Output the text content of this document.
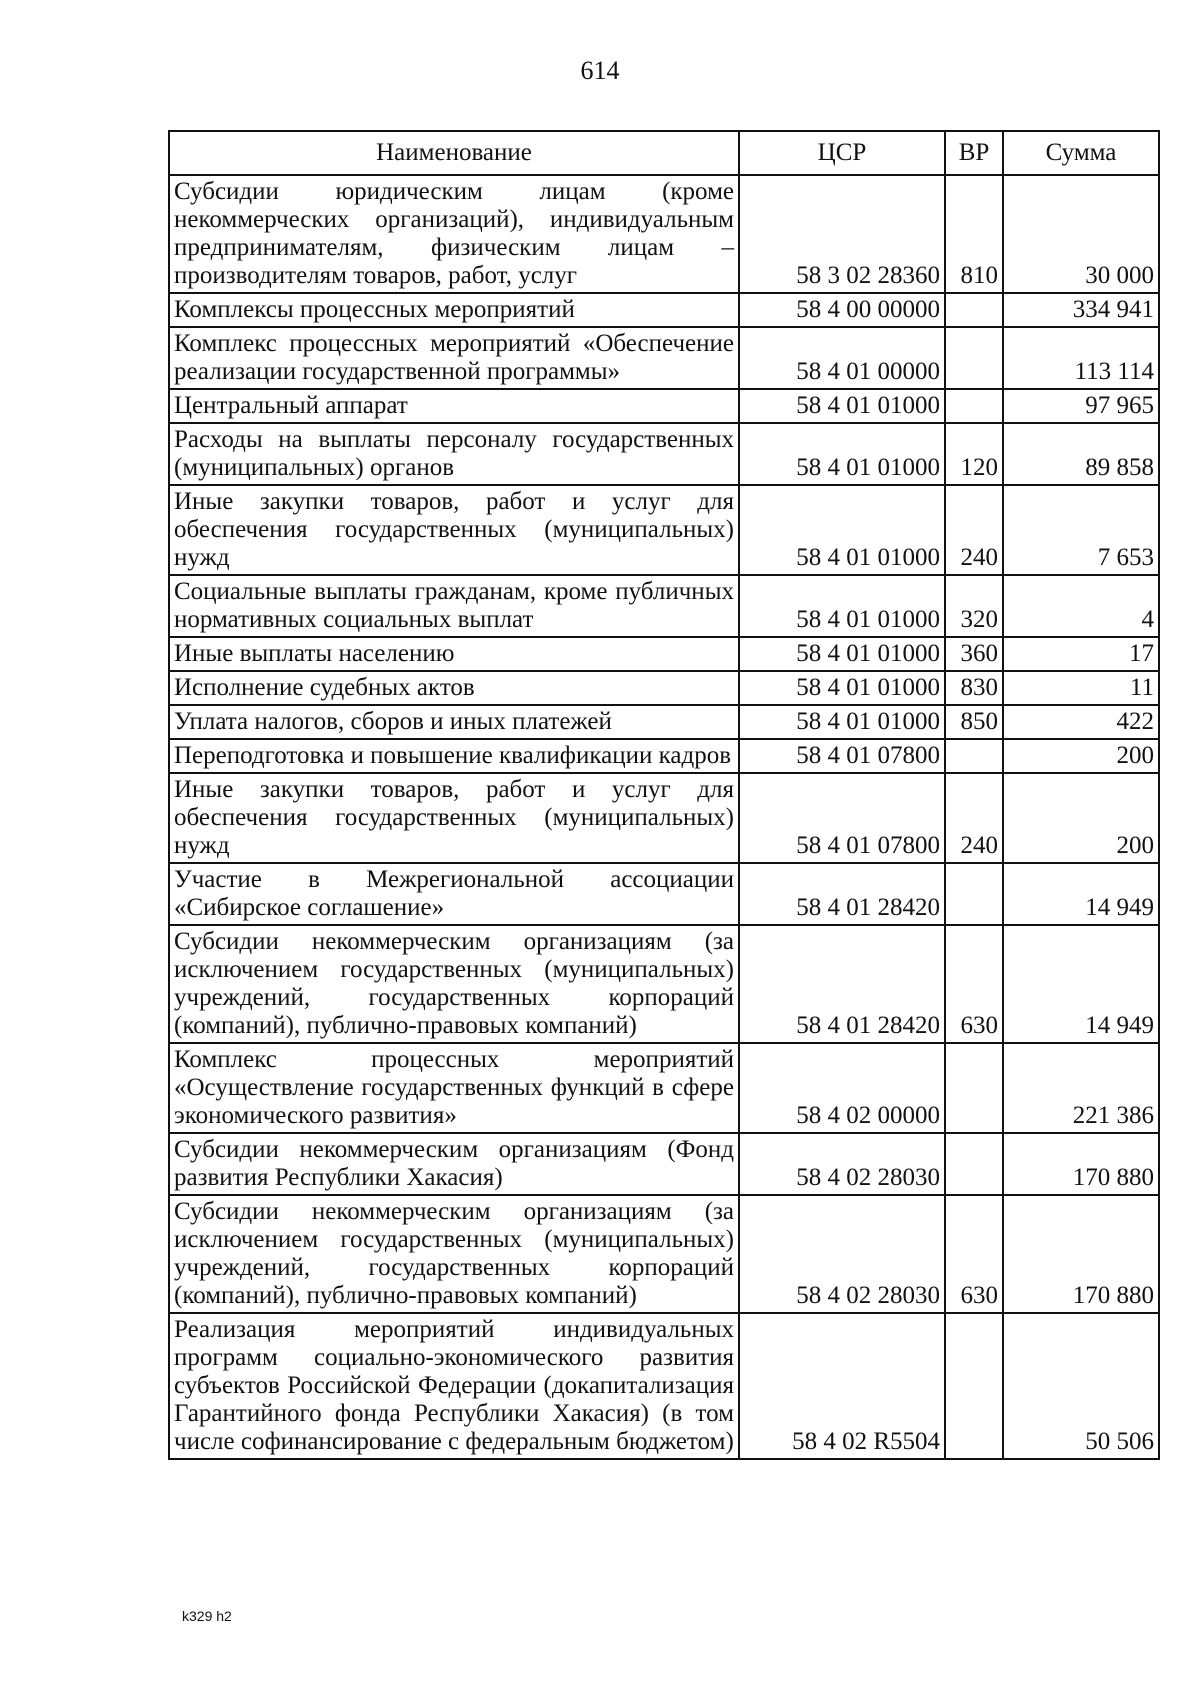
614
Наименование	ЦСР	ВР	Сумма
Субсидии юридическим лицам (кроме некоммерческих организаций), индивидуальным предпринимателям, физическим лицам – производителям товаров, работ, услуг	58 3 02 28360	810	30 000
Комплексы процессных мероприятий	58 4 00 00000		334 941
Комплекс процессных мероприятий «Обеспечение реализации государственной программы»	58 4 01 00000		113 114
Центральный аппарат	58 4 01 01000		97 965
Расходы на выплаты персоналу государственных (муниципальных) органов	58 4 01 01000	120	89 858
Иные закупки товаров, работ и услуг для обеспечения государственных (муниципальных) нужд	58 4 01 01000	240	7 653
Социальные выплаты гражданам, кроме публичных нормативных социальных выплат	58 4 01 01000	320	4
Иные выплаты населению	58 4 01 01000	360	17
Исполнение судебных актов	58 4 01 01000	830	11
Уплата налогов, сборов и иных платежей	58 4 01 01000	850	422
Переподготовка и повышение квалификации кадров	58 4 01 07800		200
Иные закупки товаров, работ и услуг для обеспечения государственных (муниципальных) нужд	58 4 01 07800	240	200
Участие в Межрегиональной ассоциации «Сибирское соглашение»	58 4 01 28420		14 949
Субсидии некоммерческим организациям (за исключением государственных (муниципальных) учреждений, государственных корпораций (компаний), публично-правовых компаний)	58 4 01 28420	630	14 949
Комплекс процессных мероприятий «Осуществление государственных функций в сфере экономического развития»	58 4 02 00000		221 386
Субсидии некоммерческим организациям (Фонд развития Республики Хакасия)	58 4 02 28030		170 880
Субсидии некоммерческим организациям (за исключением государственных (муниципальных) учреждений, государственных корпораций (компаний), публично-правовых компаний)	58 4 02 28030	630	170 880
Реализация мероприятий индивидуальных программ социально-экономического развития субъектов Российской Федерации (докапитализация Гарантийного фонда Республики Хакасия) (в том числе софинансирование с федеральным бюджетом)	58 4 02 R5504		50 506
k329 h2
